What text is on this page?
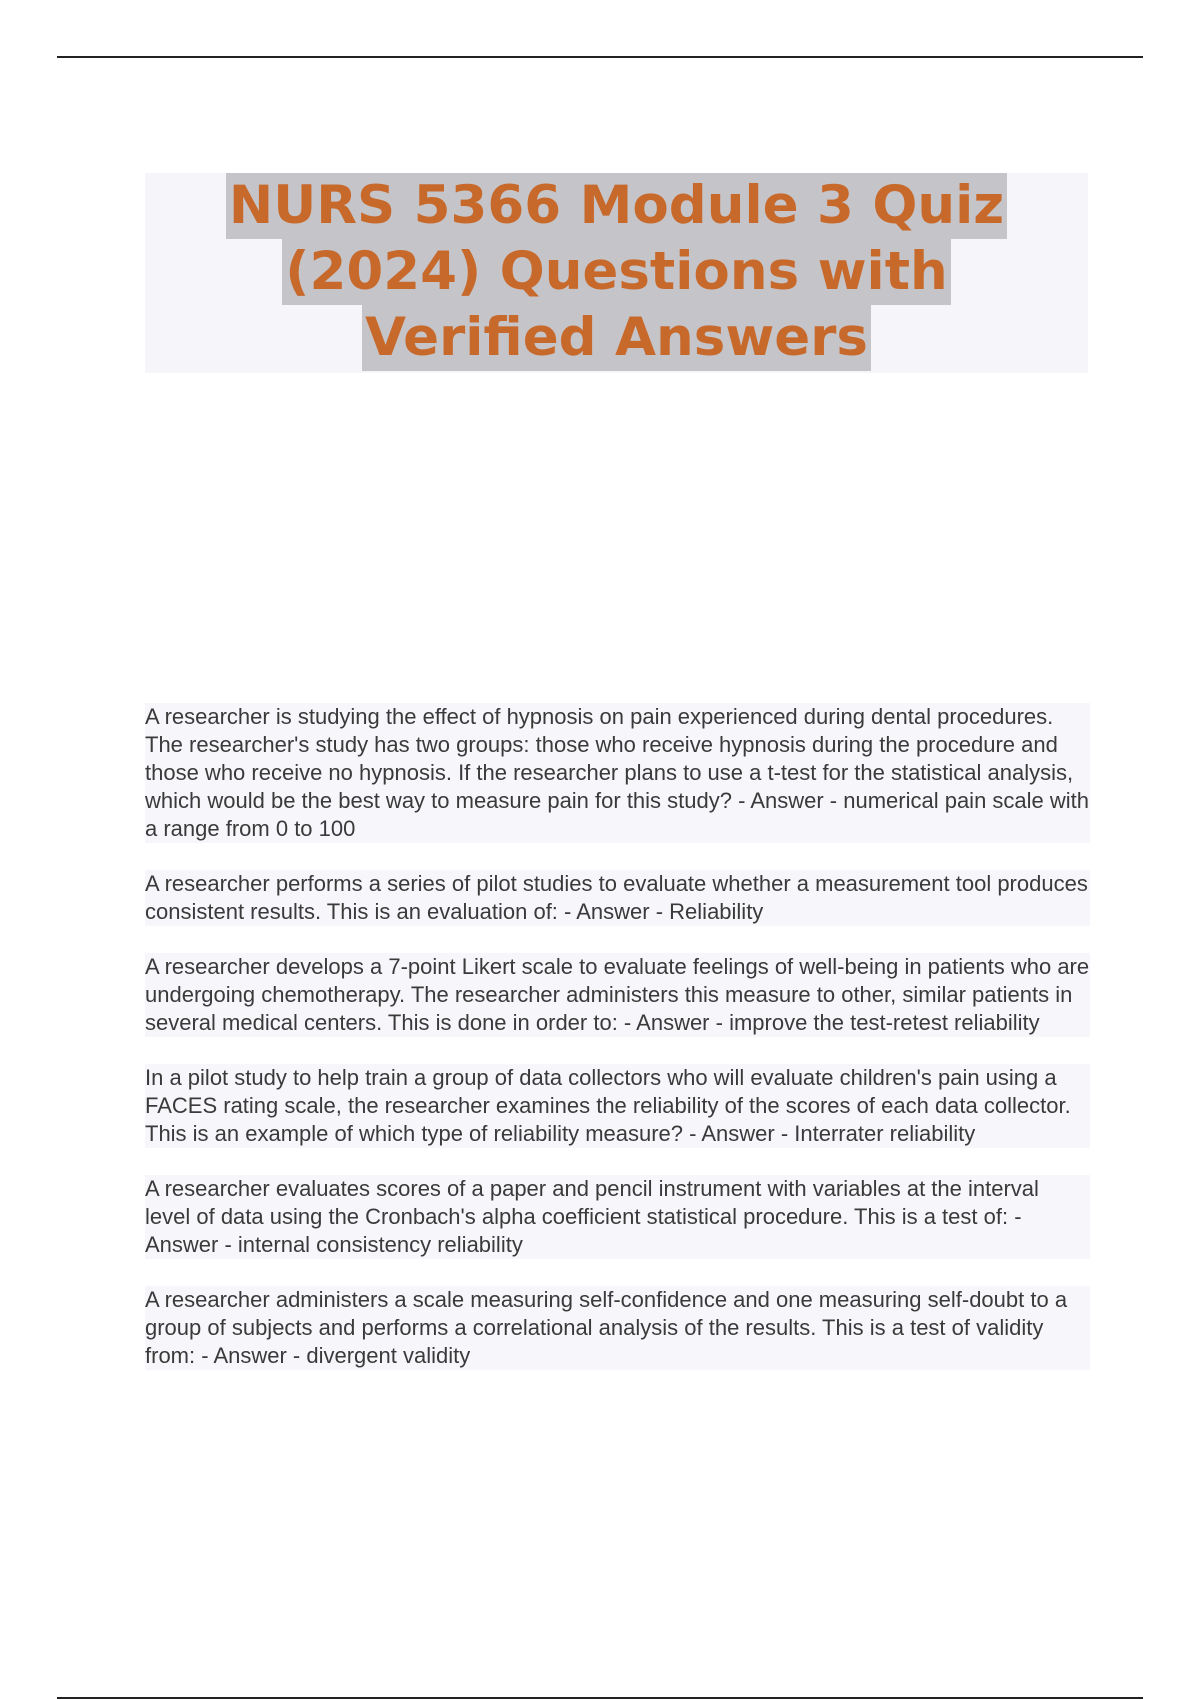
NURS 5366 Module 3 Quiz
(2024) Questions with
Verified Answers

A researcher is studying the effect of hypnosis on pain experienced during dental procedures. The researcher's study has two groups: those who receive hypnosis during the procedure and those who receive no hypnosis. If the researcher plans to use a t-test for the statistical analysis, which would be the best way to measure pain for this study? - Answer - numerical pain scale with a range from 0 to 100

A researcher performs a series of pilot studies to evaluate whether a measurement tool produces consistent results. This is an evaluation of: - Answer - Reliability

A researcher develops a 7-point Likert scale to evaluate feelings of well-being in patients who are undergoing chemotherapy. The researcher administers this measure to other, similar patients in several medical centers. This is done in order to: - Answer - improve the test-retest reliability

In a pilot study to help train a group of data collectors who will evaluate children's pain using a FACES rating scale, the researcher examines the reliability of the scores of each data collector. This is an example of which type of reliability measure? - Answer - Interrater reliability

A researcher evaluates scores of a paper and pencil instrument with variables at the interval level of data using the Cronbach's alpha coefficient statistical procedure. This is a test of: - Answer - internal consistency reliability

A researcher administers a scale measuring self-confidence and one measuring self-doubt to a group of subjects and performs a correlational analysis of the results. This is a test of validity from: - Answer - divergent validity
